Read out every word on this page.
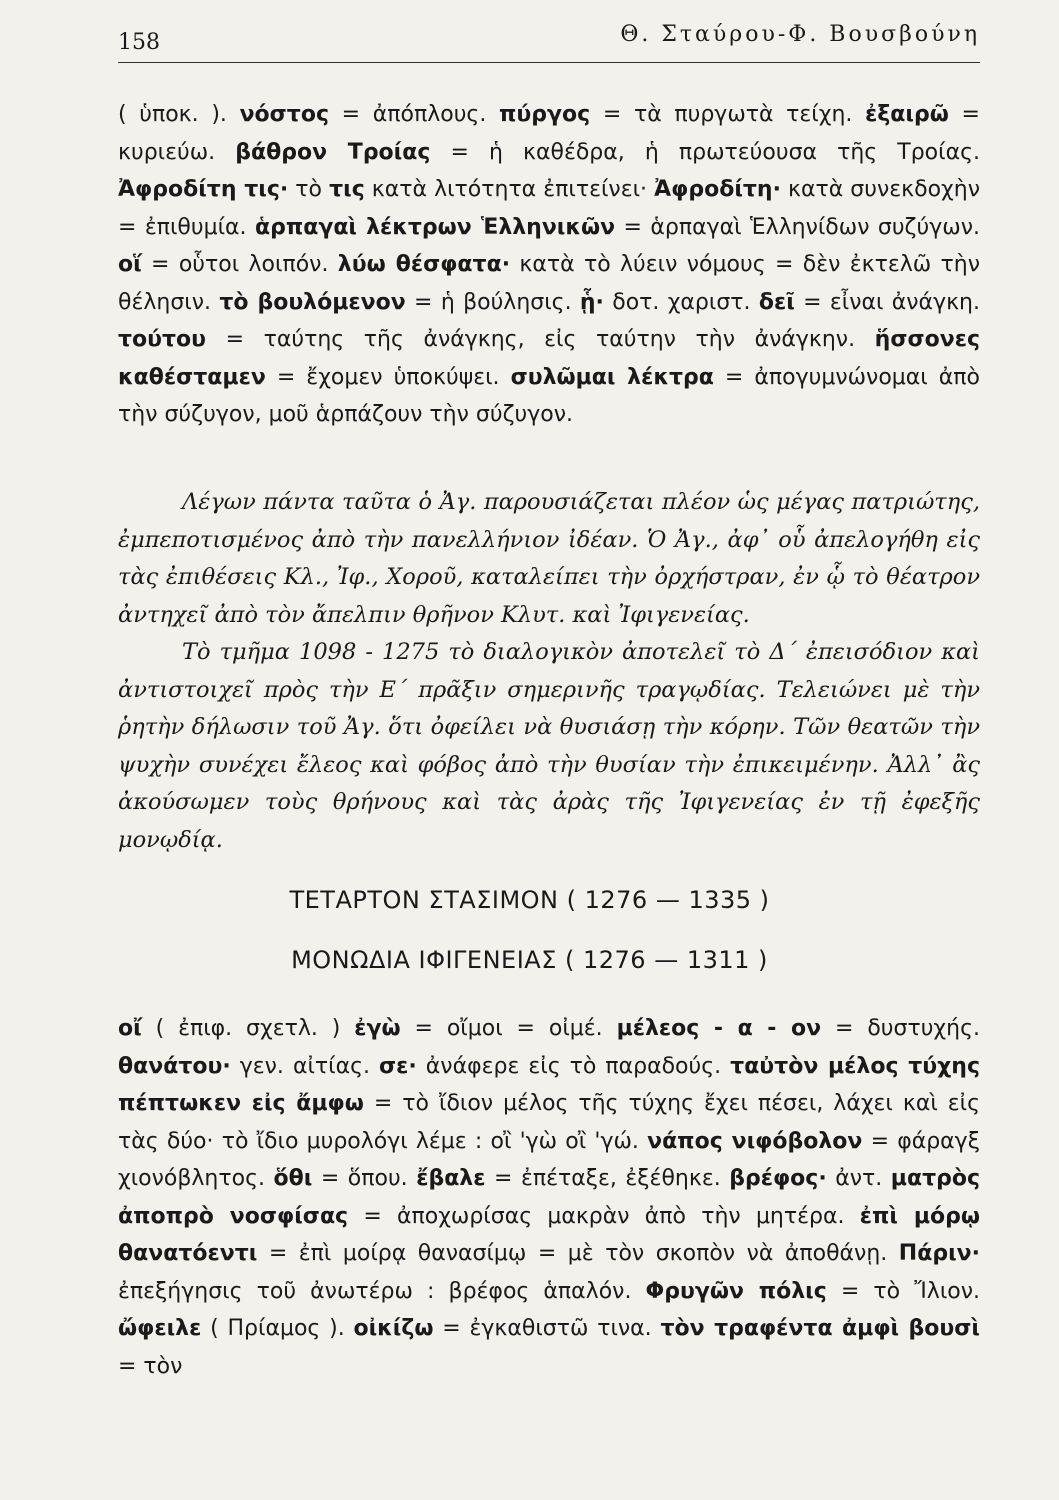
158	Θ. Σταύρου-Φ. Βουσβούνη

( ὑποκ. ). νόστος = ἀπόπλους. πύργος = τὰ πυργωτὰ τείχη. ἐξαιρῶ = κυριεύω. βάθρον Τροίας = ἡ καθέδρα, ἡ πρωτεύουσα τῆς Τροίας. Ἀφροδίτη τις· τὸ τις κατὰ λιτότητα ἐπιτείνει· Ἀφροδίτη· κατὰ συνεκδοχὴν = ἐπιθυμία. ἁρπαγαὶ λέκτρων Ἑλληνικῶν = ἁρπαγαὶ Ἑλληνίδων συζύγων. οἵ = οὗτοι λοιπόν. λύω θέσφατα· κατὰ τὸ λύειν νόμους = δὲν ἐκτελῶ τὴν θέλησιν. τὸ βουλόμενον = ἡ βούλησις. ᾗ· δοτ. χαριστ. δεῖ = εἶναι ἀνάγκη. τούτου = ταύτης τῆς ἀνάγκης, εἰς ταύτην τὴν ἀνάγκην. ἥσσονες καθέσταμεν = ἔχομεν ὑποκύψει. συλῶμαι λέκτρα = ἀπογυμνώνομαι ἀπὸ τὴν σύζυγον, μοῦ ἁρπάζουν τὴν σύζυγον.

Λέγων πάντα ταῦτα ὁ Ἀγ. παρουσιάζεται πλέον ὡς μέγας πατριώτης, ἐμπεποτισμένος ἀπὸ τὴν πανελλήνιον ἰδέαν. Ὁ Ἀγ., ἀφ᾽ οὗ ἀπελογήθη εἰς τὰς ἐπιθέσεις Κλ., Ἰφ., Χοροῦ, καταλείπει τὴν ὀρχήστραν, ἐν ᾧ τὸ θέατρον ἀντηχεῖ ἀπὸ τὸν ἄπελπιν θρῆνον Κλυτ. καὶ Ἰφιγενείας.

Τὸ τμῆμα 1098 - 1275 τὸ διαλογικὸν ἀποτελεῖ τὸ Δ΄ ἐπεισόδιον καὶ ἀντιστοιχεῖ πρὸς τὴν Ε΄ πρᾶξιν σημερινῆς τραγῳδίας. Τελειώνει μὲ τὴν ῥητὴν δήλωσιν τοῦ Ἀγ. ὅτι ὀφείλει νὰ θυσιάσῃ τὴν κόρην. Τῶν θεατῶν τὴν ψυχὴν συνέχει ἔλεος καὶ φόβος ἀπὸ τὴν θυσίαν τὴν ἐπικειμένην. Ἀλλ᾽ ἂς ἀκούσωμεν τοὺς θρήνους καὶ τὰς ἀρὰς τῆς Ἰφιγενείας ἐν τῇ ἐφεξῆς μονῳδίᾳ.

ΤΕΤΑΡΤΟΝ ΣΤΑΣΙΜΟΝ ( 1276 — 1335 )
ΜΟΝΩΔΙΑ ΙΦΙΓΕΝΕΙΑΣ ( 1276 — 1311 )

οἴ ( ἐπιφ. σχετλ. ) ἐγὼ = οἴμοι = οἰμέ. μέλεος - α - ον = δυστυχής. θανάτου· γεν. αἰτίας. σε· ἀνάφερε εἰς τὸ παραδούς. ταὐτὸν μέλος τύχης πέπτωκεν εἰς ἄμφω = τὸ ἴδιον μέλος τῆς τύχης ἔχει πέσει, λάχει καὶ εἰς τὰς δύο· τὸ ἴδιο μυρολόγι λέμε : οἲ 'γὼ οἲ 'γώ. νάπος νιφόβολον = φάραγξ χιονόβλητος. ὅθι = ὅπου. ἔβαλε = ἐπέταξε, ἐξέθηκε. βρέφος· ἀντ. ματρὸς ἀποπρὸ νοσφίσας = ἀποχωρίσας μακρὰν ἀπὸ τὴν μητέρα. ἐπὶ μόρῳ θανατόεντι = ἐπὶ μοίρᾳ θανασίμῳ = μὲ τὸν σκοπὸν νὰ ἀποθάνῃ. Πάριν· ἐπεξήγησις τοῦ ἀνωτέρω : βρέφος ἁπαλόν. Φρυγῶν πόλις = τὸ Ἴλιον. ὤφειλε ( Πρίαμος ). οἰκίζω = ἐγκαθιστῶ τινα. τὸν τραφέντα ἀμφὶ βουσὶ = τὸν
